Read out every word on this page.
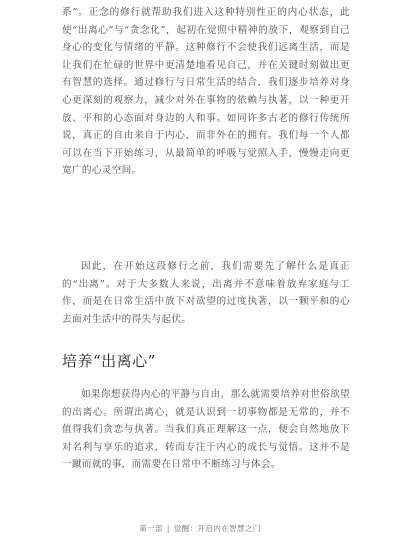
系”。正念的修行就帮助我们进入这种特别性正的内心状态，此使“出离心”与“贪念化”，起初在觉照中精神的放下，观察到自己身心的变化与情绪的平静。这种修行不会使我们远离生活，而是让我们在忙碌的世界中更清楚地看见自己，并在关键时刻做出更有智慧的选择。通过修行与日常生活的结合，我们逐步培养对身心更深刻的观察力，减少对外在事物的依赖与执著，以一种更开放、平和的心态面对身边的人和事。如同许多古老的修行传统所说，真正的自由来自于内心，而非外在的拥有。我们每一个人都可以在当下开始练习，从最简单的呼吸与觉照入手，慢慢走向更宽广的心灵空间。

因此，在开始这段修行之前，我们需要先了解什么是真正的“出离”。对于大多数人来说，出离并不意味着放弃家庭与工作，而是在日常生活中放下对欲望的过度执著，以一颗平和的心去面对生活中的得失与起伏。

培养“出离心”

如果你想获得内心的平静与自由，那么就需要培养对世俗欲望的出离心。所谓出离心，就是认识到一切事物都是无常的，并不值得我们贪恋与执著。当我们真正理解这一点，便会自然地放下对名利与享乐的追求，转而专注于内心的成长与觉悟。这并不是一蹴而就的事，而需要在日常中不断练习与体会。

第一部 | 觉醒：开启内在智慧之门
